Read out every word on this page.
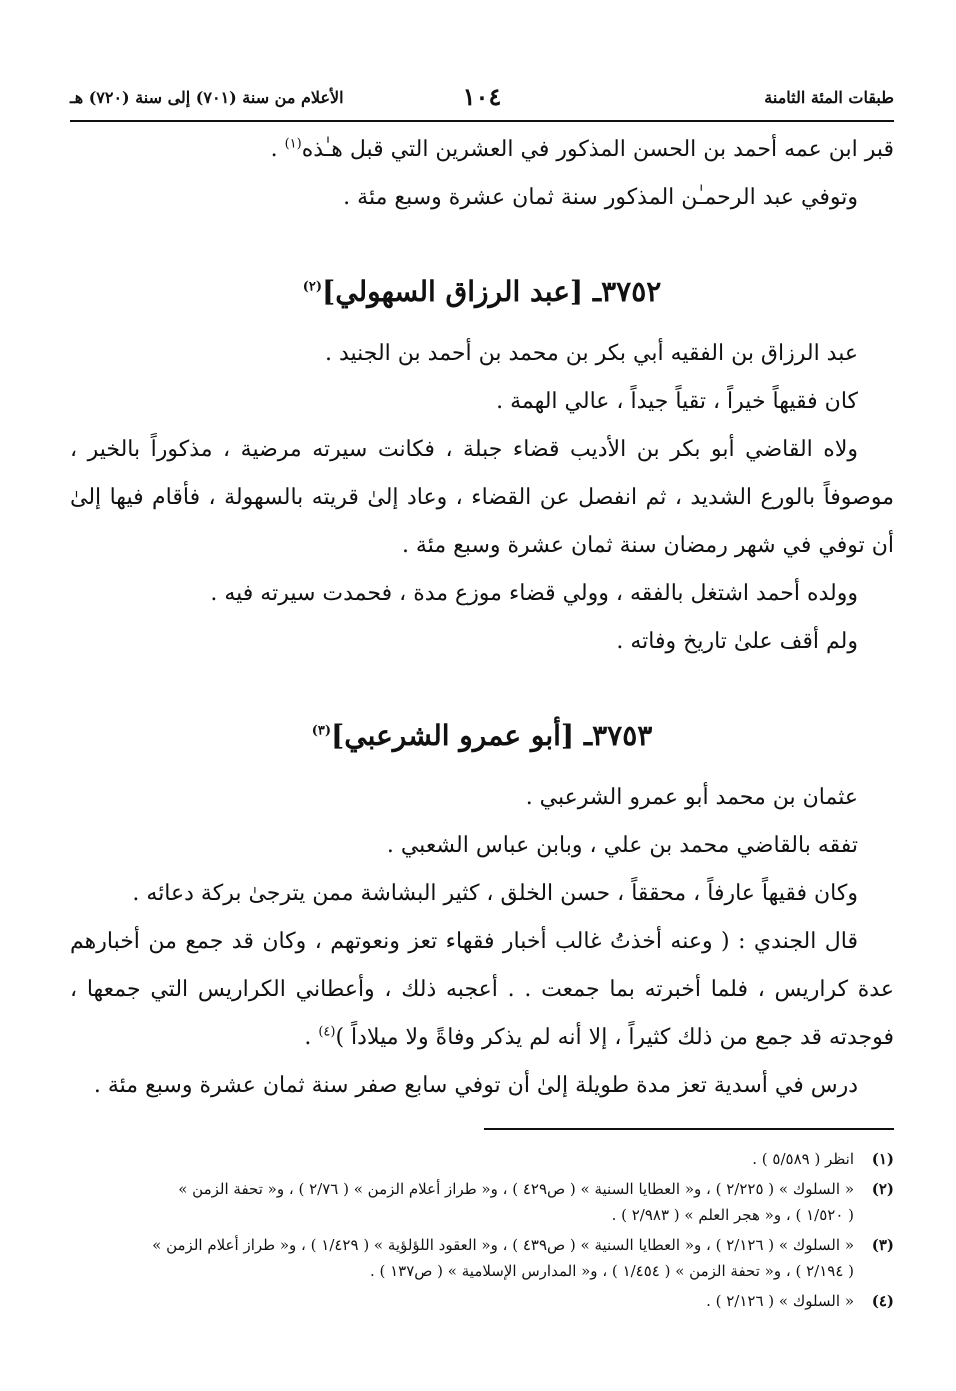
طبقات المئة الثامنة
١٠٤
الأعلام من سنة (٧٠١) إلى سنة (٧٢٠) هـ

قبر ابن عمه أحمد بن الحسن المذكور في العشرين التي قبل هـٰذه$^{(١)}$ .

وتوفي عبد الرحمـٰن المذكور سنة ثمان عشرة وسبع مئة .

٣٧٥٢ـ [عبد الرزاق السهولي]$^{(٢)}$

عبد الرزاق بن الفقيه أبي بكر بن محمد بن أحمد بن الجنيد .

كان فقيهاً خيراً ، تقياً جيداً ، عالي الهمة .

ولاه القاضي أبو بكر بن الأديب قضاء جبلة ، فكانت سيرته مرضية ، مذكوراً بالخير ، موصوفاً بالورع الشديد ، ثم انفصل عن القضاء ، وعاد إلىٰ قريته بالسهولة ، فأقام فيها إلىٰ أن توفي في شهر رمضان سنة ثمان عشرة وسبع مئة .

وولده أحمد اشتغل بالفقه ، وولي قضاء موزع مدة ، فحمدت سيرته فيه .

ولم أقف علىٰ تاريخ وفاته .

٣٧٥٣ـ [أبو عمرو الشرعبي]$^{(٣)}$

عثمان بن محمد أبو عمرو الشرعبي .

تفقه بالقاضي محمد بن علي ، وبابن عباس الشعبي .

وكان فقيهاً عارفاً ، محققاً ، حسن الخلق ، كثير البشاشة ممن يترجىٰ بركة دعائه .

قال الجندي : ( وعنه أخذتُ غالب أخبار فقهاء تعز ونعوتهم ، وكان قد جمع من أخبارهم عدة كراريس ، فلما أخبرته بما جمعت . . أعجبه ذلك ، وأعطاني الكراريس التي جمعها ، فوجدته قد جمع من ذلك كثيراً ، إلا أنه لم يذكر وفاةً ولا ميلاداً )$^{(٤)}$ .

درس في أسدية تعز مدة طويلة إلىٰ أن توفي سابع صفر سنة ثمان عشرة وسبع مئة .

(١)
انظر ( ٥/٥٨٩ ) .
(٢)
« السلوك » ( ٢/٢٢٥ ) ، و« العطايا السنية » ( ص٤٢٩ ) ، و« طراز أعلام الزمن » ( ٢/٧٦ ) ، و« تحفة الزمن »
( ١/٥٢٠ ) ، و« هجر العلم » ( ٢/٩٨٣ ) .
(٣)
« السلوك » ( ٢/١٢٦ ) ، و« العطايا السنية » ( ص٤٣٩ ) ، و« العقود اللؤلؤية » ( ١/٤٢٩ ) ، و« طراز أعلام الزمن »
( ٢/١٩٤ ) ، و« تحفة الزمن » ( ١/٤٥٤ ) ، و« المدارس الإسلامية » ( ص١٣٧ ) .
(٤)
« السلوك » ( ٢/١٢٦ ) .
